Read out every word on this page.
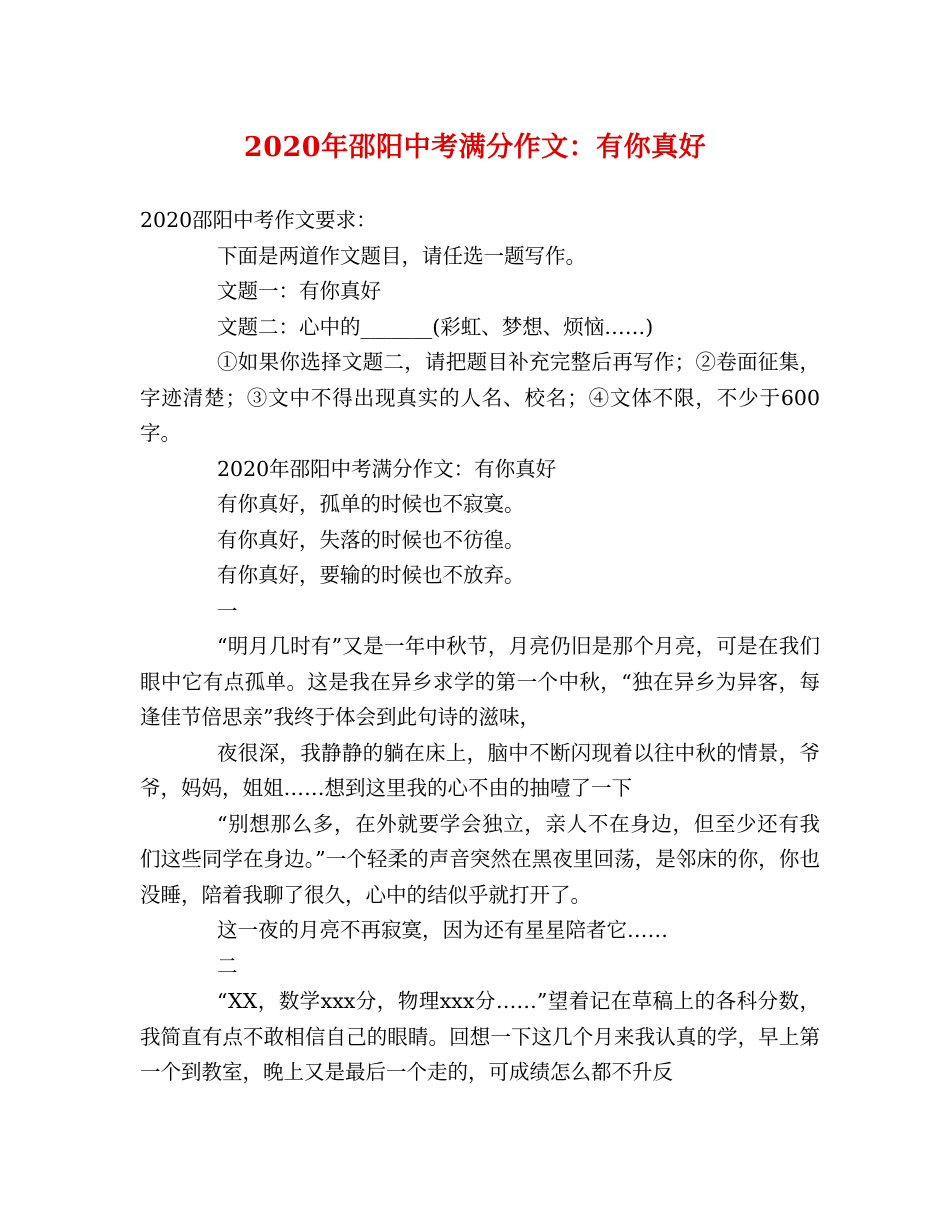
2020年邵阳中考满分作文：有你真好

2020邵阳中考作文要求：

下面是两道作文题目，请任选一题写作。

文题一：有你真好

文题二：心中的_______(彩虹、梦想、烦恼……)

①如果你选择文题二，请把题目补充完整后再写作；②卷面征集，字迹清楚；③文中不得出现真实的人名、校名；④文体不限，不少于600字。

2020年邵阳中考满分作文：有你真好

有你真好，孤单的时候也不寂寞。

有你真好，失落的时候也不彷徨。

有你真好，要输的时候也不放弃。

一

“明月几时有”又是一年中秋节，月亮仍旧是那个月亮，可是在我们眼中它有点孤单。这是我在异乡求学的第一个中秋，“独在异乡为异客，每逢佳节倍思亲”我终于体会到此句诗的滋味，

夜很深，我静静的躺在床上，脑中不断闪现着以往中秋的情景，爷爷，妈妈，姐姐……想到这里我的心不由的抽噎了一下

“别想那么多，在外就要学会独立，亲人不在身边，但至少还有我们这些同学在身边。”一个轻柔的声音突然在黑夜里回荡，是邻床的你，你也没睡，陪着我聊了很久，心中的结似乎就打开了。

这一夜的月亮不再寂寞，因为还有星星陪者它……

二

“XX，数学xxx分，物理xxx分……”望着记在草稿上的各科分数，我简直有点不敢相信自己的眼睛。回想一下这几个月来我认真的学，早上第一个到教室，晚上又是最后一个走的，可成绩怎么都不升反
